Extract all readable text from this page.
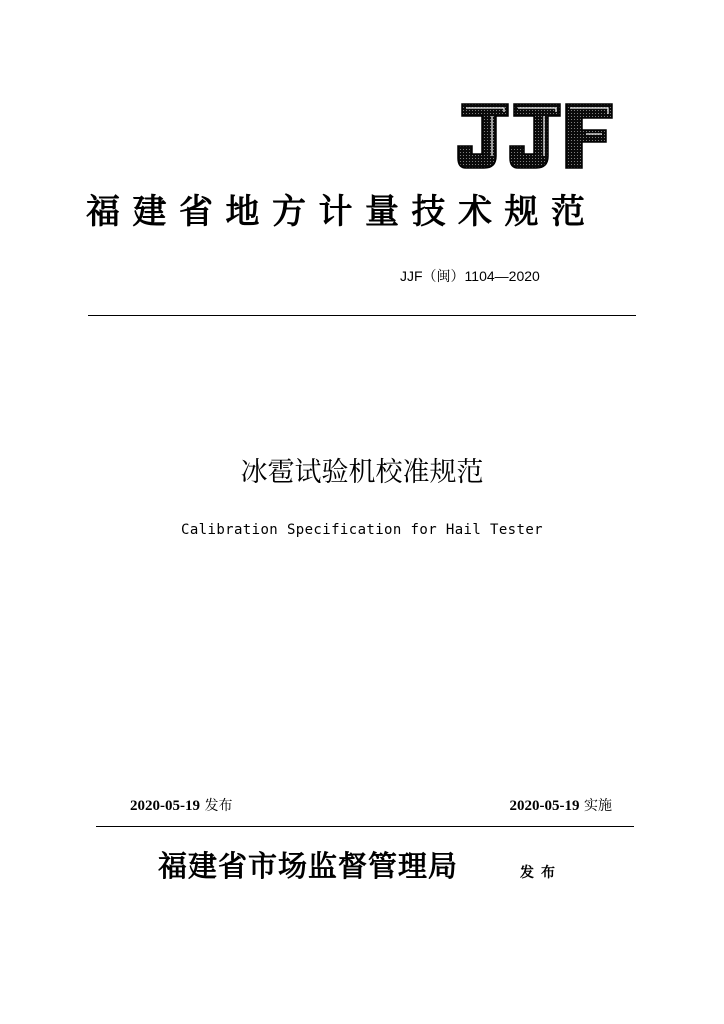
JJF
福建省地方计量技术规范
JJF（闽）1104—2020
冰雹试验机校准规范
Calibration Specification for Hail Tester
2020-05-19 发布	2020-05-19 实施
福建省市场监督管理局	发布
